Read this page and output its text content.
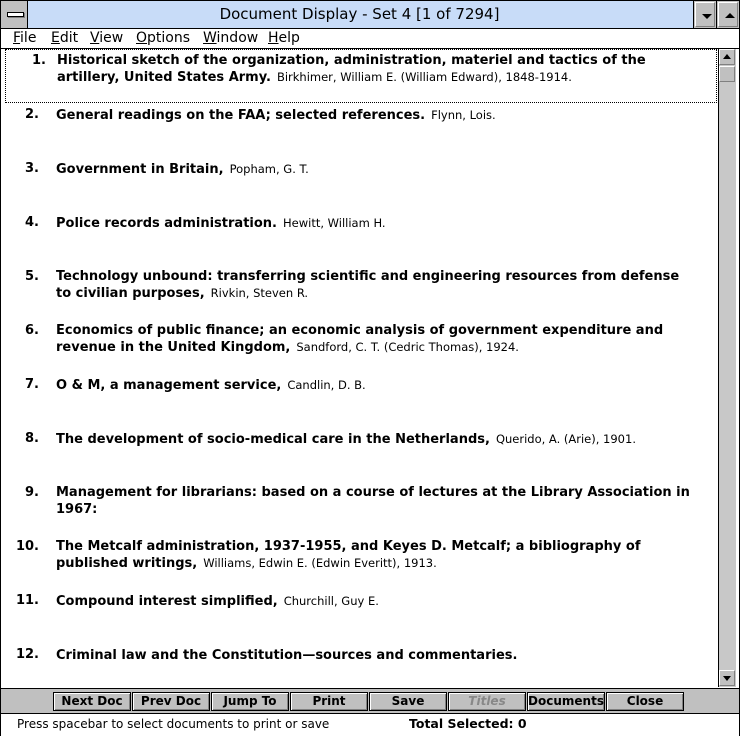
Document Display - Set 4 [1 of 7294]
File Edit View Options Window Help
1. Historical sketch of the organization, administration, materiel and tactics of the artillery, United States Army. Birkhimer, William E. (William Edward), 1848-1914.
2. General readings on the FAA; selected references. Flynn, Lois.
3. Government in Britain, Popham, G. T.
4. Police records administration. Hewitt, William H.
5. Technology unbound: transferring scientific and engineering resources from defense to civilian purposes, Rivkin, Steven R.
6. Economics of public finance; an economic analysis of government expenditure and revenue in the United Kingdom, Sandford, C. T. (Cedric Thomas), 1924.
7. O & M, a management service, Candlin, D. B.
8. The development of socio-medical care in the Netherlands, Querido, A. (Arie), 1901.
9. Management for librarians: based on a course of lectures at the Library Association in 1967:
10. The Metcalf administration, 1937-1955, and Keyes D. Metcalf; a bibliography of published writings, Williams, Edwin E. (Edwin Everitt), 1913.
11. Compound interest simplified, Churchill, Guy E.
12. Criminal law and the Constitution—sources and commentaries.
Next Doc	Prev Doc	Jump To	Print	Save	Titles	Documents	Close
Press spacebar to select documents to print or save	Total Selected: 0
